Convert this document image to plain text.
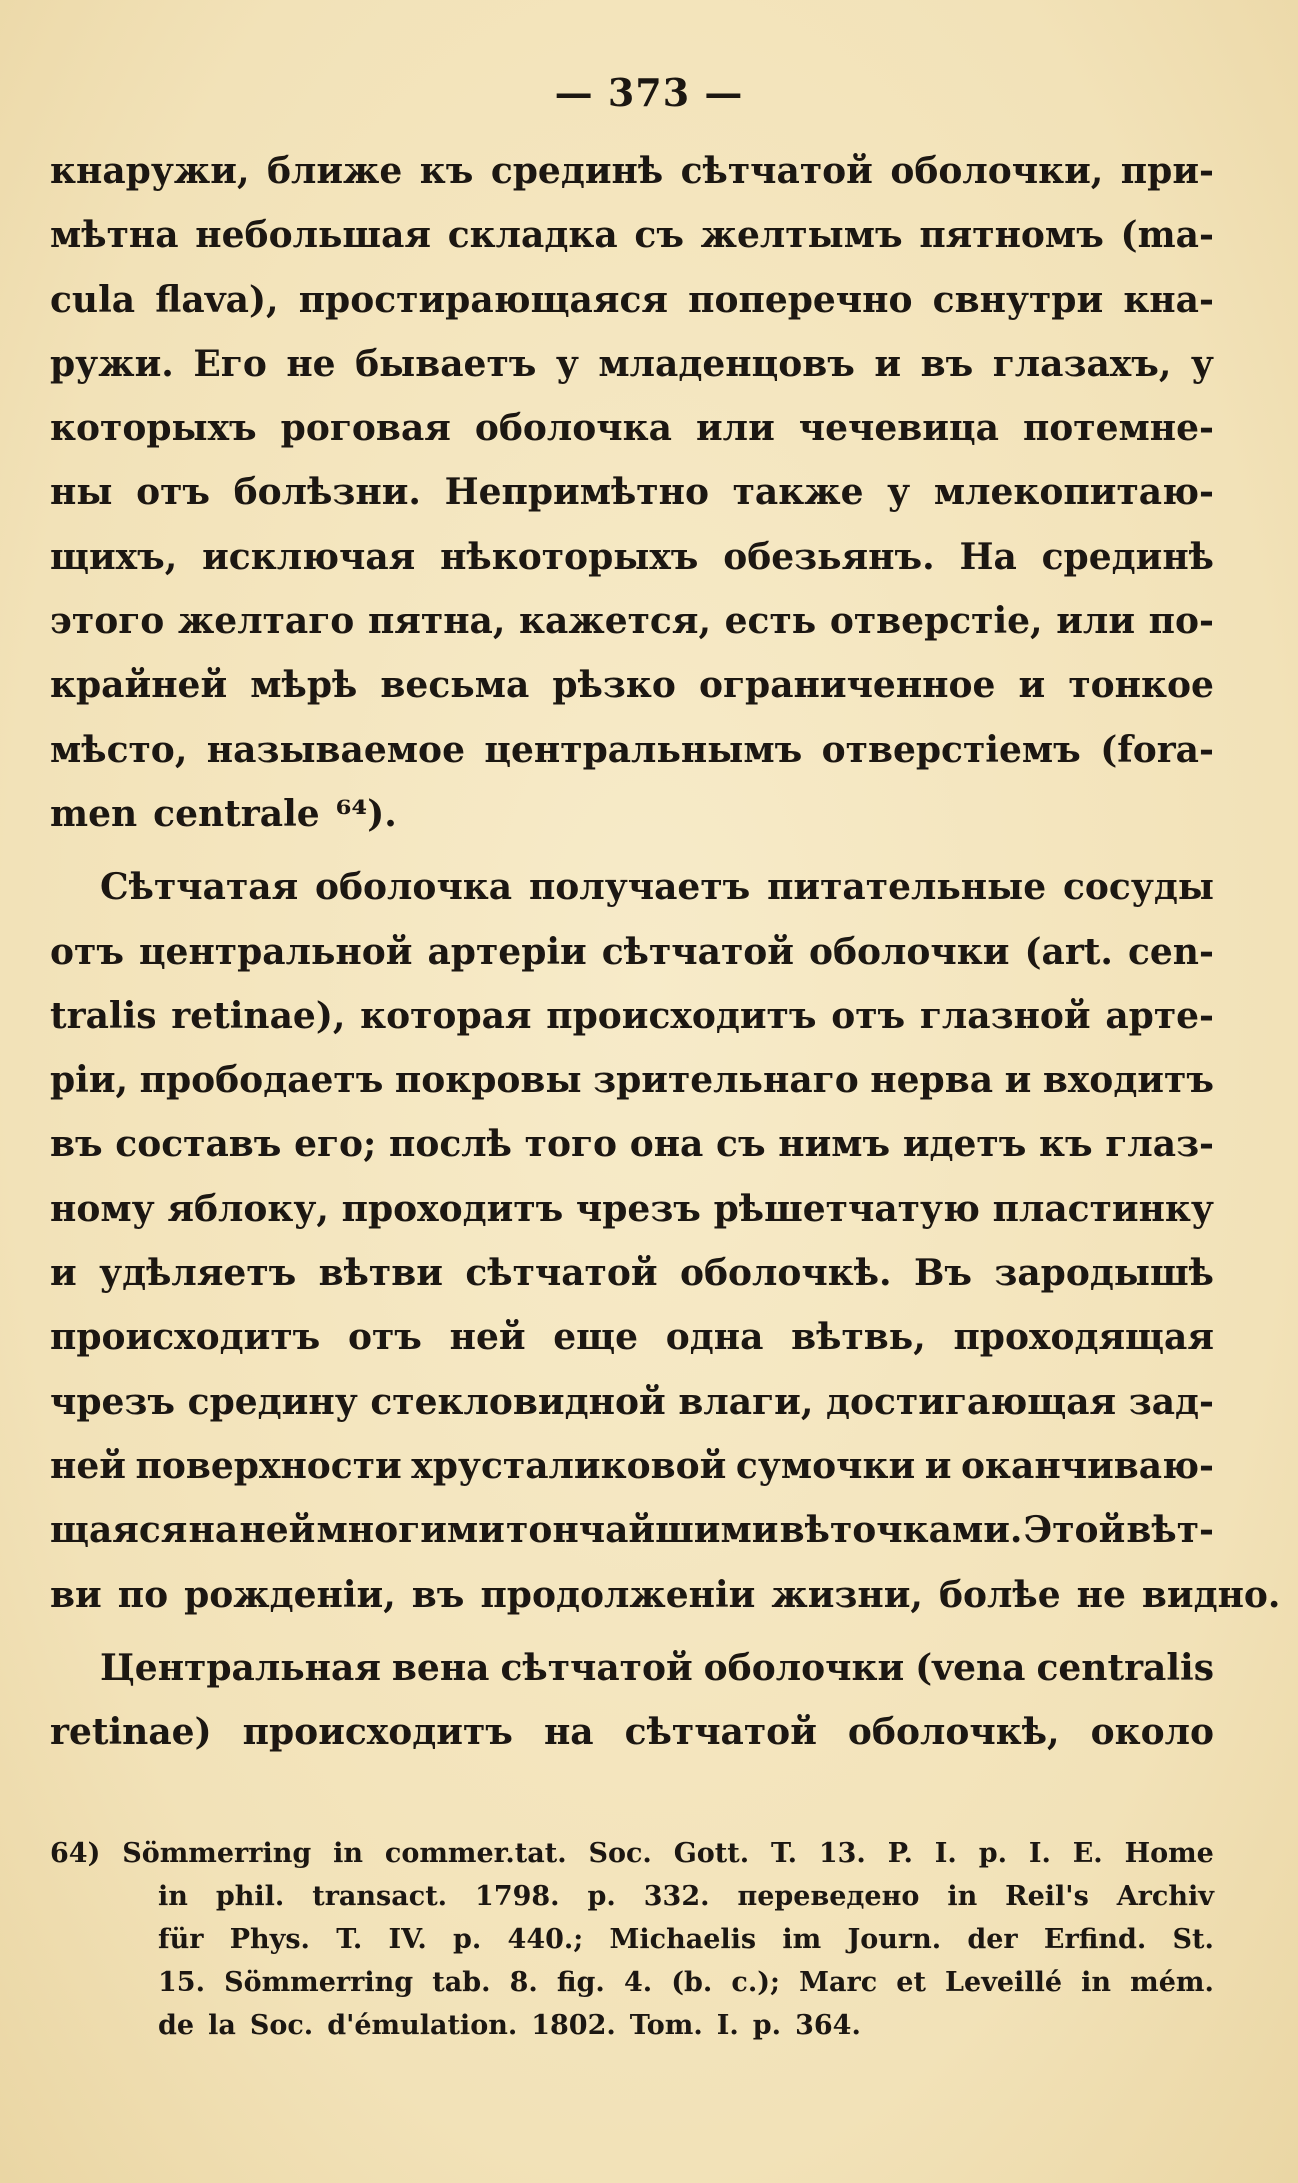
— 373 —
кнаружи, ближе къ срединѣ сѣтчатой оболочки, при-
мѣтна небольшая складка съ желтымъ пятномъ (ma-
cula flava), простирающаяся поперечно свнутри кна-
ружи. Его не бываетъ у младенцовъ и въ глазахъ, у
которыхъ роговая оболочка или чечевица потемне-
ны отъ болѣзни. Непримѣтно также у млекопитаю-
щихъ, исключая нѣкоторыхъ обезьянъ. На срединѣ
этого желтаго пятна, кажется, есть отверстiе, или по-
крайней мѣрѣ весьма рѣзко ограниченное и тонкое
мѣсто, называемое центральнымъ отверстiемъ (fora-
men centrale ⁶⁴).
Сѣтчатая оболочка получаетъ питательные сосуды
отъ центральной артерiи сѣтчатой оболочки (art. cen-
tralis retinae), которая происходитъ отъ глазной арте-
рiи, прободаетъ покровы зрительнаго нерва и входитъ
въ составъ его; послѣ того она съ нимъ идетъ къ глаз-
ному яблоку, проходитъ чрезъ рѣшетчатую пластинку
и удѣляетъ вѣтви сѣтчатой оболочкѣ. Въ зародышѣ
происходитъ отъ ней еще одна вѣтвь, проходящая
чрезъ средину стекловидной влаги, достигающая зад-
ней поверхности хрусталиковой сумочки и оканчиваю-
щаяся на ней многими тончайшими вѣточками. Этой вѣт-
ви по рожденiи, въ продолженiи жизни, болѣе не видно.
Центральная вена сѣтчатой оболочки (vena centralis
retinae) происходитъ на сѣтчатой оболочкѣ, около
64) Sömmerring in commer.tat. Soc. Gott. T. 13. P. I. p. I. E. Home
in phil. transact. 1798. p. 332. переведено in Reil's Archiv
für Phys. T. IV. p. 440.; Michaelis im Journ. der Erfind. St.
15. Sömmerring tab. 8. fig. 4. (b. c.); Marc et Leveillé in mém.
de la Soc. d'émulation. 1802. Tom. I. p. 364.
